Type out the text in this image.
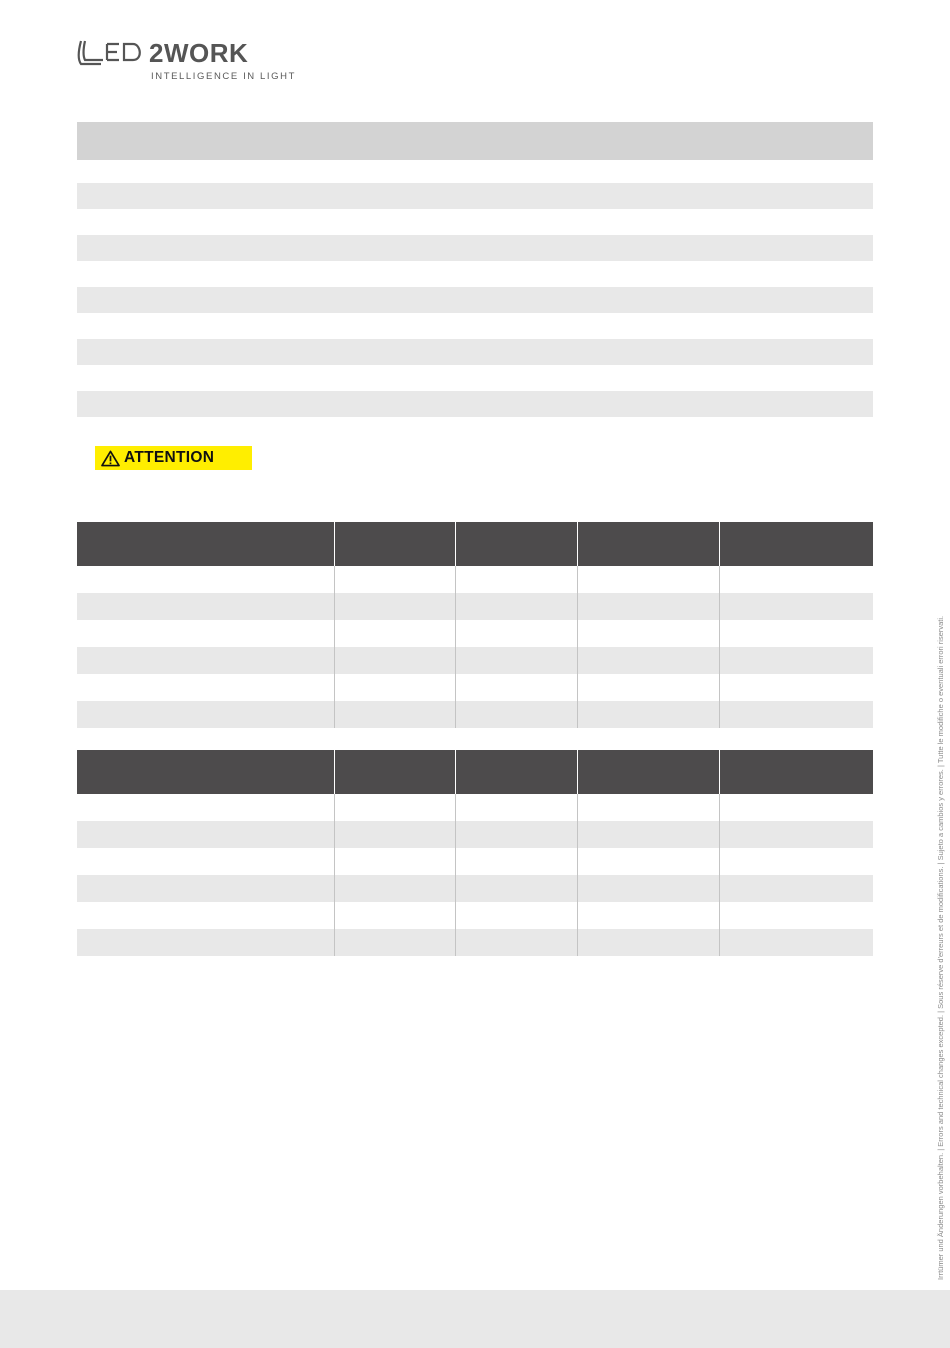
2WORK
INTELLIGENCE IN LIGHT
ATTENTION
Irrtümer und Änderungen vorbehalten. | Errors and technical changes excepted. | Sous réserve d'erreurs et de modifications. | Sujeto a cambios y errores. | Tutte le modifiche o eventuali errori riservati.
